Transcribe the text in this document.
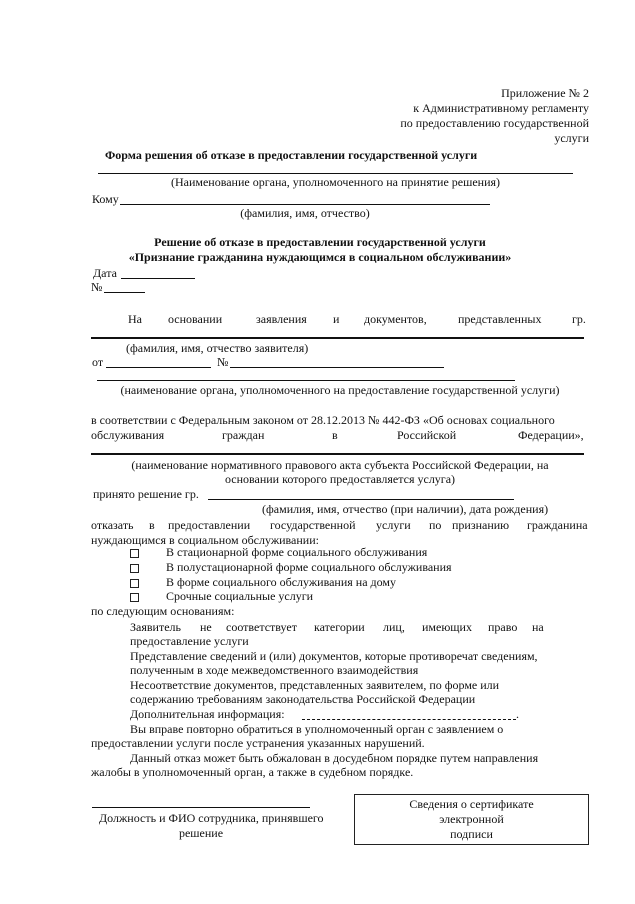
Приложение № 2
к Административному регламенту
по предоставлению государственной
услуги
Форма решения об отказе в предоставлении государственной услуги
(Наименование органа, уполномоченного на принятие решения)
Кому
(фамилия, имя, отчество)
Решение об отказе в предоставлении государственной услуги
«Признание гражданина нуждающимся в социальном обслуживании»
Дата
№
На основании	заявления и документов,	представленных	гр.
(фамилия, имя, отчество заявителя)
от	№
(наименование органа, уполномоченного на предоставление государственной услуги)
в соответствии с Федеральным законом от 28.12.2013 № 442-ФЗ «Об основах социального
обслуживания	граждан	в	Российской	Федерации»,
(наименование нормативного правового акта субъекта Российской Федерации, на
основании которого предоставляется услуга)
принято решение гр.
(фамилия, имя, отчество (при наличии), дата рождения)
отказать в предоставлении государственной услуги по признанию гражданина
нуждающимся в социальном обслуживании:
В стационарной форме социального обслуживания
В полустационарной форме социального обслуживания
В форме социального обслуживания на дому
Срочные социальные услуги
по следующим основаниям:
Заявитель не соответствует категории лиц, имеющих право на
предоставление услуги
Представление сведений и (или) документов, которые противоречат сведениям,
полученным в ходе межведомственного взаимодействия
Несоответствие документов, представленных заявителем, по форме или
содержанию требованиям законодательства Российской Федерации
Дополнительная информация:	.
Вы вправе повторно обратиться в уполномоченный орган с заявлением о
предоставлении услуги после устранения указанных нарушений.
Данный отказ может быть обжалован в досудебном порядке путем направления
жалобы в уполномоченный орган, а также в судебном порядке.
Должность и ФИО сотрудника, принявшего
решение
Сведения о сертификате
электронной
подписи
